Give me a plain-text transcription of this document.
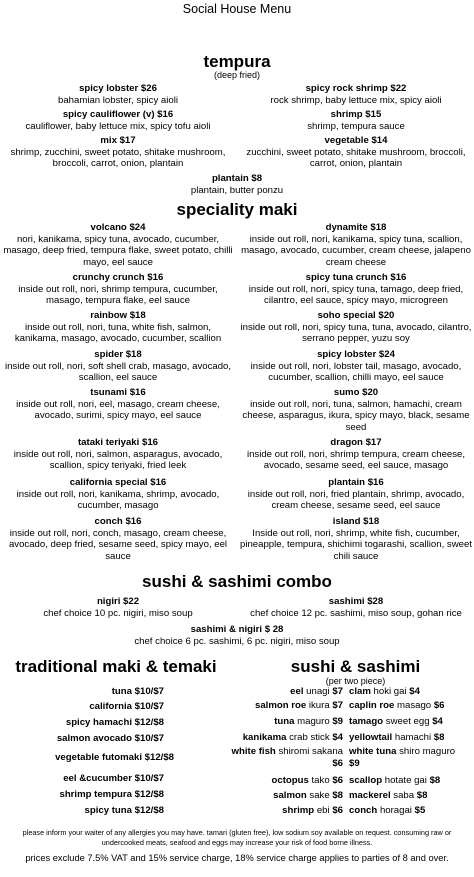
Social House Menu
tempura
(deep fried)
spicy lobster $26
bahamian lobster, spicy aioli
spicy rock shrimp $22
rock shrimp, baby lettuce mix, spicy aioli
spicy cauliflower (v) $16
cauliflower, baby lettuce mix, spicy tofu aioli
shrimp $15
shrimp, tempura sauce
mix $17
shrimp, zucchini, sweet potato, shitake mushroom, broccoli, carrot, onion, plantain
vegetable $14
zucchini, sweet potato, shitake mushroom, broccoli, carrot, onion, plantain
plantain $8
plantain, butter ponzu
speciality maki
volcano $24
nori, kanikama, spicy tuna, avocado, cucumber, masago, deep fried, tempura flake, sweet potato, chilli mayo, eel sauce
dynamite $18
inside out roll, nori, kanikama, spicy tuna, scallion, masago, avocado, cucumber, cream cheese, jalapeno cream cheese
crunchy crunch $16
inside out roll, nori, shrimp tempura, cucumber, masago, tempura flake, eel sauce
spicy tuna crunch $16
inside out roll, nori, spicy tuna, tamago, deep fried, cilantro, eel sauce, spicy mayo, microgreen
rainbow $18
inside out roll, nori, tuna, white fish, salmon, kanikama, masago, avocado, cucumber, scallion
soho special $20
inside out roll, nori, spicy tuna, tuna, avocado, cilantro, serrano pepper, yuzu soy
spider $18
inside out roll, nori, soft shell crab, masago, avocado, scallion, eel sauce
spicy lobster $24
inside out roll, nori, lobster tail, masago, avocado, cucumber, scallion, chilli mayo, eel sauce
tsunami $16
inside out roll, nori, eel, masago, cream cheese, avocado, surimi, spicy mayo, eel sauce
sumo $20
inside out roll, nori, tuna, salmon, hamachi, cream cheese, asparagus, ikura, spicy mayo, black, sesame seed
tataki teriyaki $16
inside out roll, nori, salmon, asparagus, avocado, scallion, spicy teriyaki, fried leek
dragon $17
inside out roll, nori, shrimp tempura, cream cheese, avocado, sesame seed, eel sauce, masago
california special $16
inside out roll, nori, kanikama, shrimp, avocado, cucumber, masago
plantain $16
inside out roll, nori, fried plantain, shrimp, avocado, cream cheese, sesame seed, eel sauce
conch $16
inside out roll, nori, conch, masago, cream cheese, avocado, deep fried, sesame seed, spicy mayo, eel sauce
island $18
Inside out roll, nori, shrimp, white fish, cucumber, pineapple, tempura, shichimi togarashi, scallion, sweet chili sauce
sushi & sashimi combo
nigiri $22
chef choice 10 pc. nigiri, miso soup
sashimi $28
chef choice 12 pc. sashimi, miso soup, gohan rice
sashimi & nigiri $ 28
chef choice 6 pc. sashimi, 6 pc. nigiri, miso soup
traditional maki & temaki
tuna $10/$7
california $10/$7
spicy hamachi $12/$8
salmon avocado $10/$7
vegetable futomaki $12/$8
eel &cucumber $10/$7
shrimp tempura $12/$8
spicy tuna $12/$8
sushi & sashimi
(per two piece)
eel unagi $7
salmon roe ikura $7
tuna maguro $9
kanikama crab stick $4
white fish shiromi sakana $6
octopus tako $6
salmon sake $8
shrimp ebi $6
clam hoki gai $4
caplin roe masago $6
tamago sweet egg $4
yellowtail hamachi $8
white tuna shiro maguro $9
scallop hotate gai $8
mackerel saba $8
conch horagai $5
please inform your waiter of any allergies you may have. tamari (gluten free), low sodium soy available on request. consuming raw or undercooked meats, seafood and eggs may increase your risk of food borne illness.
prices exclude 7.5% VAT and 15% service charge, 18% service charge applies to parties of 8 and over.
